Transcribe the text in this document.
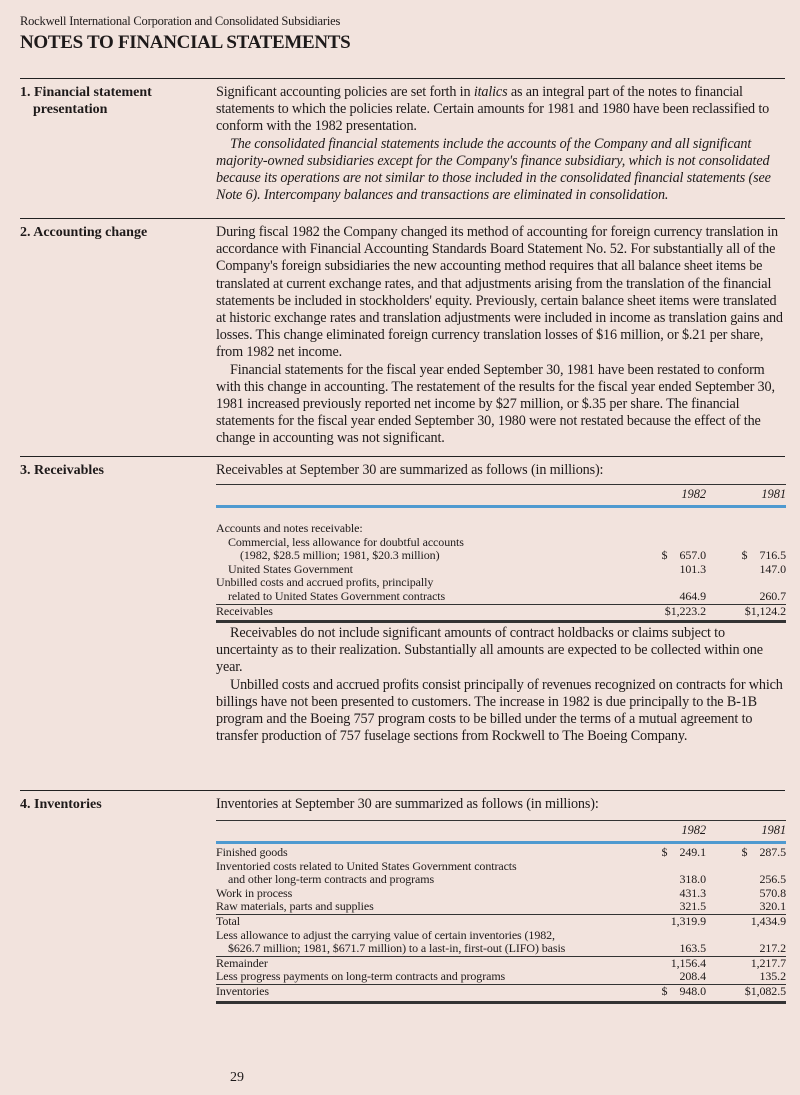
Rockwell International Corporation and Consolidated Subsidiaries
NOTES TO FINANCIAL STATEMENTS
1. Financial statement
presentation

Significant accounting policies are set forth in italics as an integral part of the notes to financial statements to which the policies relate. Certain amounts for 1981 and 1980 have been reclassified to conform with the 1982 presentation.

The consolidated financial statements include the accounts of the Company and all significant majority-owned subsidiaries except for the Company's finance subsidiary, which is not consolidated because its operations are not similar to those included in the consolidated financial statements (see Note 6). Intercompany balances and transactions are eliminated in consolidation.

2. Accounting change	During fiscal 1982 the Company changed its method of accounting for foreign currency translation in accordance with Financial Accounting Standards Board Statement No. 52. For substantially all of the Company's foreign subsidiaries the new accounting method requires that all balance sheet items be translated at current exchange rates, and that adjustments arising from the translation of the financial statements be included in stockholders' equity. Previously, certain balance sheet items were translated at historic exchange rates and translation adjustments were included in income as translation gains and losses. This change eliminated foreign currency translation losses of $16 million, or $.21 per share, from 1982 net income.

Financial statements for the fiscal year ended September 30, 1981 have been restated to conform with this change in accounting. The restatement of the results for the fiscal year ended September 30, 1981 increased previously reported net income by $27 million, or $.35 per share. The financial statements for the fiscal year ended September 30, 1980 were not restated because the effect of the change in accounting was not significant.

3. Receivables	Receivables at September 30 are summarized as follows (in millions):
1982	1981
Accounts and notes receivable:
Commercial, less allowance for doubtful accounts
(1982, $28.5 million; 1981, $20.3 million)	$ 657.0	$ 716.5
United States Government	101.3	147.0
Unbilled costs and accrued profits, principally
related to United States Government contracts	464.9	260.7
Receivables	$1,223.2	$1,124.2

Receivables do not include significant amounts of contract holdbacks or claims subject to uncertainty as to their realization. Substantially all amounts are expected to be collected within one year.

Unbilled costs and accrued profits consist principally of revenues recognized on contracts for which billings have not been presented to customers. The increase in 1982 is due principally to the B-1B program and the Boeing 757 program costs to be billed under the terms of a mutual agreement to transfer production of 757 fuselage sections from Rockwell to The Boeing Company.

4. Inventories	Inventories at September 30 are summarized as follows (in millions):
1982	1981
Finished goods	$ 249.1	$ 287.5
Inventoried costs related to United States Government contracts
and other long-term contracts and programs	318.0	256.5
Work in process	431.3	570.8
Raw materials, parts and supplies	321.5	320.1
Total	1,319.9	1,434.9
Less allowance to adjust the carrying value of certain inventories (1982,
$626.7 million; 1981, $671.7 million) to a last-in, first-out (LIFO) basis	163.5	217.2
Remainder	1,156.4	1,217.7
Less progress payments on long-term contracts and programs	208.4	135.2
Inventories	$ 948.0	$1,082.5
29
